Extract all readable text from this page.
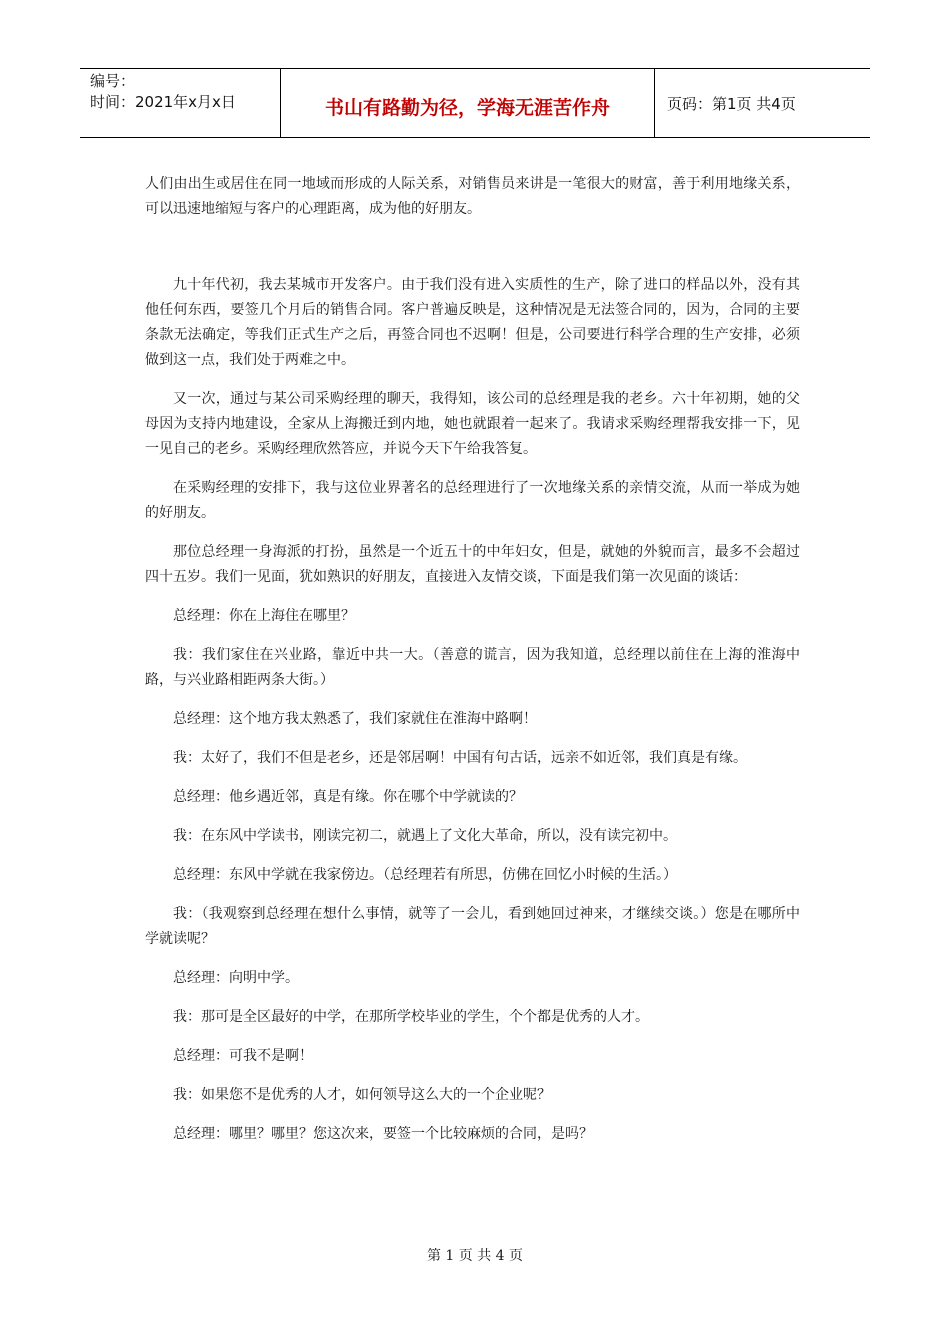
编号：
时间：2021年x月x日	书山有路勤为径，学海无涯苦作舟	页码：第1页 共4页

人们由出生或居住在同一地域而形成的人际关系，对销售员来讲是一笔很大的财富，善于利用地缘关系，可以迅速地缩短与客户的心理距离，成为他的好朋友。

九十年代初，我去某城市开发客户。由于我们没有进入实质性的生产，除了进口的样品以外，没有其他任何东西，要签几个月后的销售合同。客户普遍反映是，这种情况是无法签合同的，因为，合同的主要条款无法确定，等我们正式生产之后，再签合同也不迟啊！但是，公司要进行科学合理的生产安排，必须做到这一点，我们处于两难之中。

又一次，通过与某公司采购经理的聊天，我得知，该公司的总经理是我的老乡。六十年初期，她的父母因为支持内地建设，全家从上海搬迁到内地，她也就跟着一起来了。我请求采购经理帮我安排一下，见一见自己的老乡。采购经理欣然答应，并说今天下午给我答复。

在采购经理的安排下，我与这位业界著名的总经理进行了一次地缘关系的亲情交流，从而一举成为她的好朋友。

那位总经理一身海派的打扮，虽然是一个近五十的中年妇女，但是，就她的外貌而言，最多不会超过四十五岁。我们一见面，犹如熟识的好朋友，直接进入友情交谈，下面是我们第一次见面的谈话：

总经理：你在上海住在哪里？

我：我们家住在兴业路，靠近中共一大。（善意的谎言，因为我知道，总经理以前住在上海的淮海中路，与兴业路相距两条大街。）

总经理：这个地方我太熟悉了，我们家就住在淮海中路啊！

我：太好了，我们不但是老乡，还是邻居啊！中国有句古话，远亲不如近邻，我们真是有缘。

总经理：他乡遇近邻，真是有缘。你在哪个中学就读的？

我：在东风中学读书，刚读完初二，就遇上了文化大革命，所以，没有读完初中。

总经理：东风中学就在我家傍边。（总经理若有所思，仿佛在回忆小时候的生活。）

我：（我观察到总经理在想什么事情，就等了一会儿，看到她回过神来，才继续交谈。）您是在哪所中学就读呢？

总经理：向明中学。

我：那可是全区最好的中学，在那所学校毕业的学生，个个都是优秀的人才。

总经理：可我不是啊！

我：如果您不是优秀的人才，如何领导这么大的一个企业呢？

总经理：哪里？哪里？您这次来，要签一个比较麻烦的合同，是吗？

第 1 页 共 4 页
